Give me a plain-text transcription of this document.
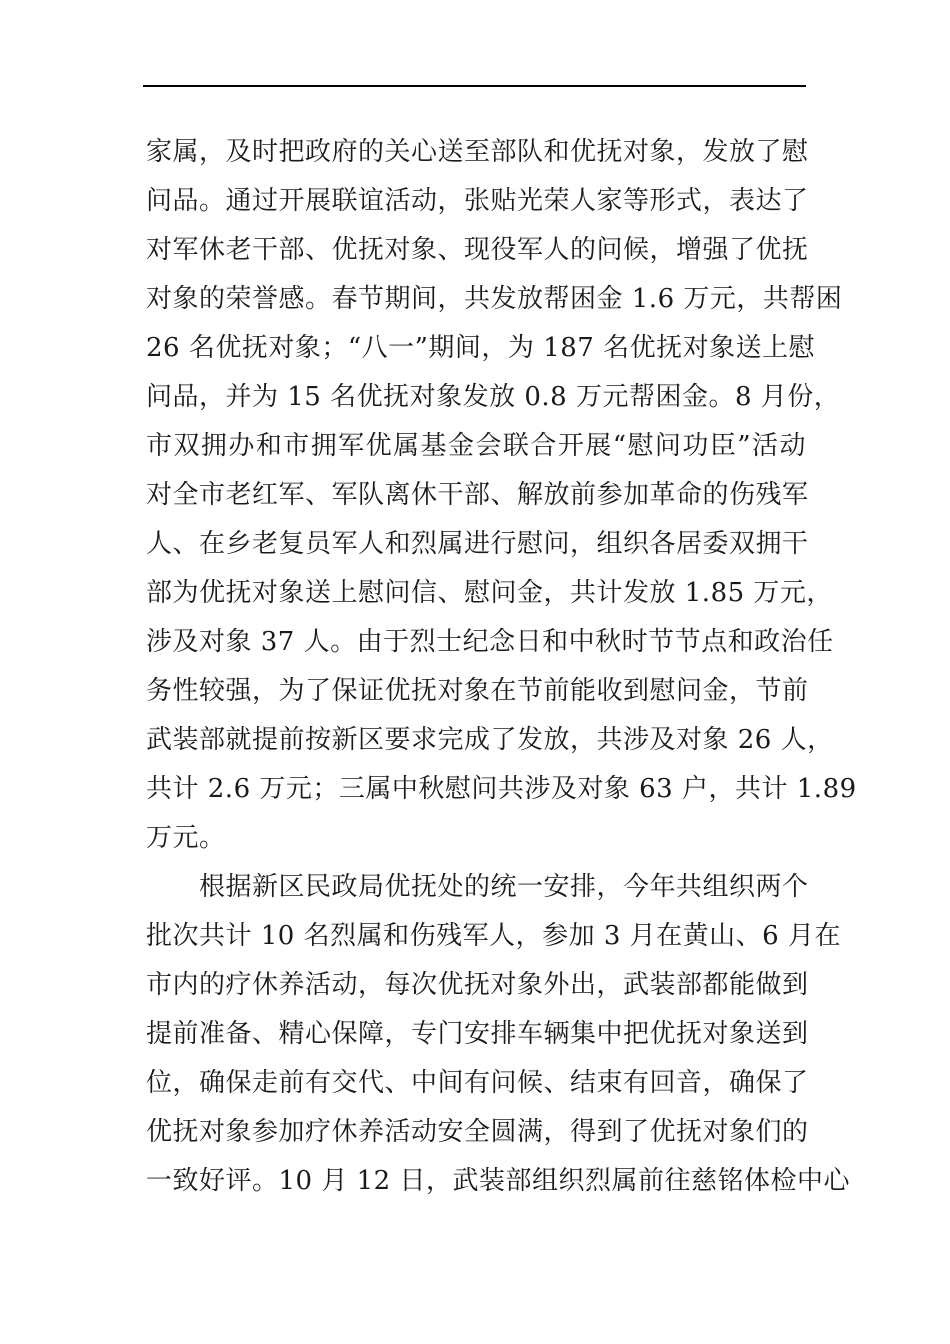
家属，及时把政府的关心送至部队和优抚对象，发放了慰
问品。通过开展联谊活动，张贴光荣人家等形式，表达了
对军休老干部、优抚对象、现役军人的问候，增强了优抚
对象的荣誉感。春节期间，共发放帮困金 1.6 万元，共帮困
26 名优抚对象；“八一”期间，为 187 名优抚对象送上慰
问品，并为 15 名优抚对象发放 0.8 万元帮困金。8 月份，
市双拥办和市拥军优属基金会联合开展“慰问功臣”活动
对全市老红军、军队离休干部、解放前参加革命的伤残军
人、在乡老复员军人和烈属进行慰问，组织各居委双拥干
部为优抚对象送上慰问信、慰问金，共计发放 1.85 万元，
涉及对象 37 人。由于烈士纪念日和中秋时节节点和政治任
务性较强，为了保证优抚对象在节前能收到慰问金，节前
武装部就提前按新区要求完成了发放，共涉及对象 26 人，
共计 2.6 万元；三属中秋慰问共涉及对象 63 户，共计 1.89
万元。
　　根据新区民政局优抚处的统一安排，今年共组织两个
批次共计 10 名烈属和伤残军人，参加 3 月在黄山、6 月在
市内的疗休养活动，每次优抚对象外出，武装部都能做到
提前准备、精心保障，专门安排车辆集中把优抚对象送到
位，确保走前有交代、中间有问候、结束有回音，确保了
优抚对象参加疗休养活动安全圆满，得到了优抚对象们的
一致好评。10 月 12 日，武装部组织烈属前往慈铭体检中心
